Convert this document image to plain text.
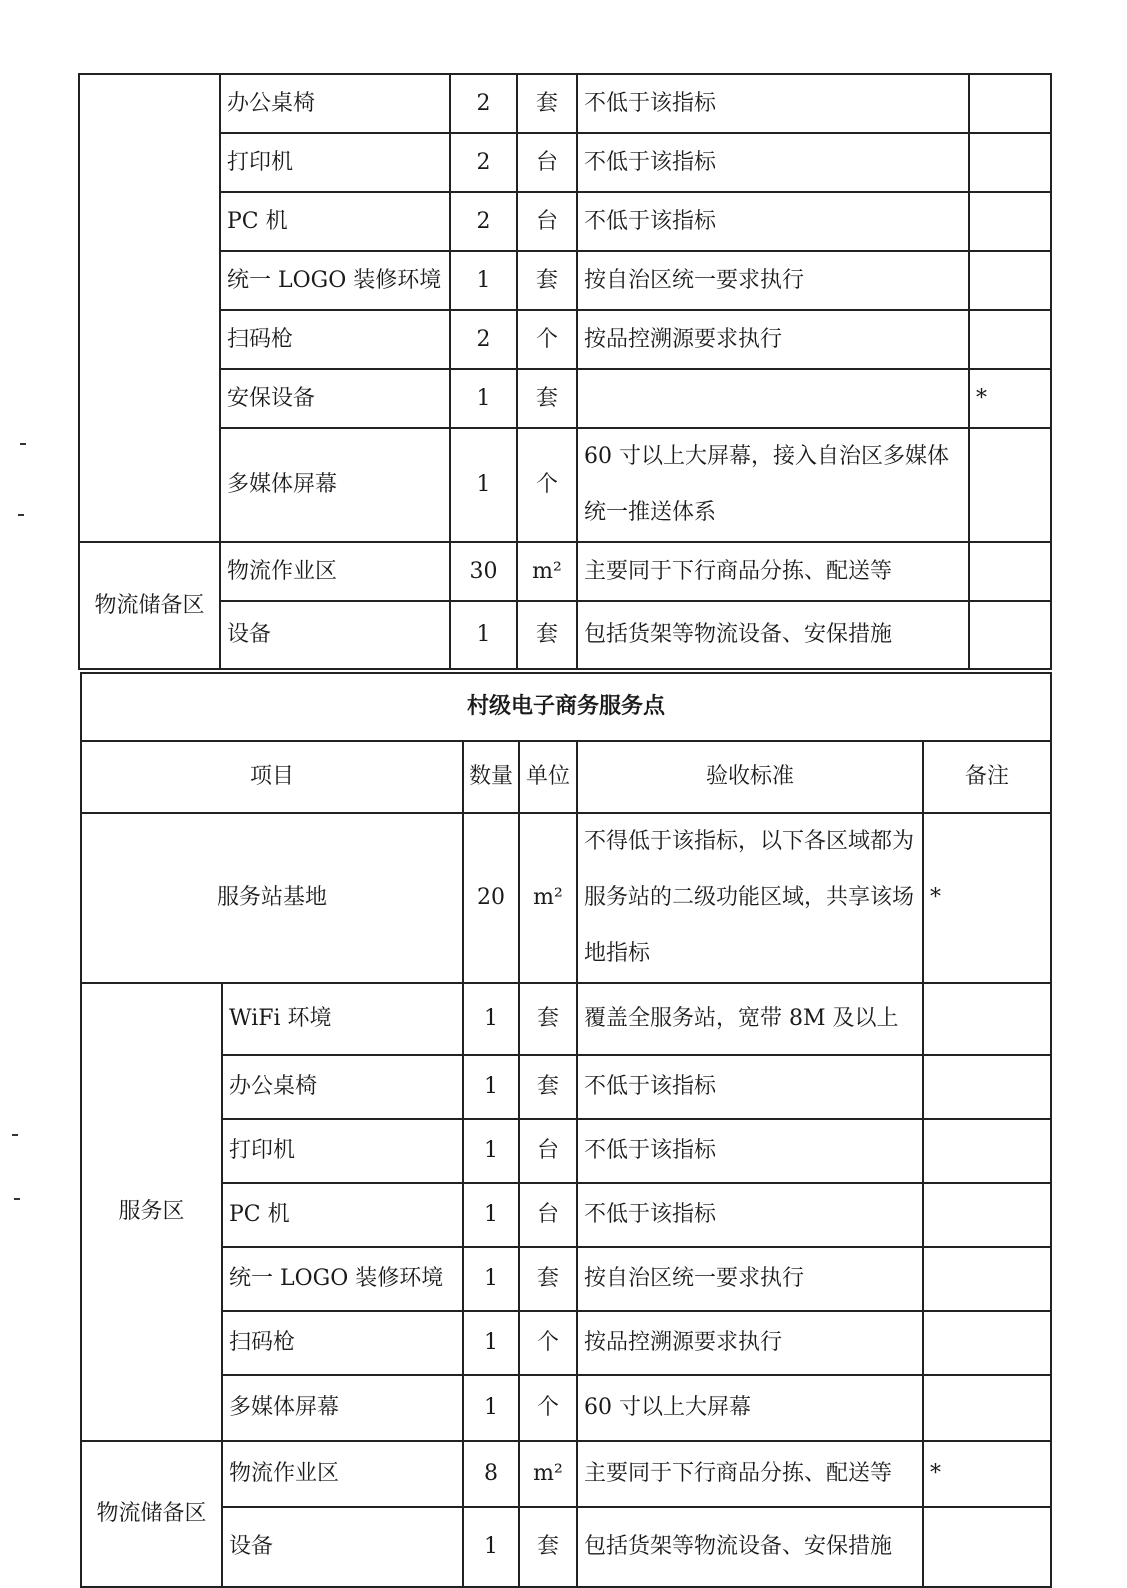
	办公桌椅	2	套	不低于该指标	
	打印机	2	台	不低于该指标	
	PC 机	2	台	不低于该指标	
	统一 LOGO 装修环境	1	套	按自治区统一要求执行	
	扫码枪	2	个	按品控溯源要求执行	
	安保设备	1	套		*
	多媒体屏幕	1	个	60 寸以上大屏幕，接入自治区多媒体统一推送体系	
物流储备区	物流作业区	30	m²	主要同于下行商品分拣、配送等	
	设备	1	套	包括货架等物流设备、安保措施	
村级电子商务服务点					
项目		数量	单位	验收标准	备注
服务站基地		20	m²	不得低于该指标，以下各区域都为服务站的二级功能区域，共享该场地指标	*
服务区	WiFi 环境	1	套	覆盖全服务站，宽带 8M 及以上	
	办公桌椅	1	套	不低于该指标	
	打印机	1	台	不低于该指标	
	PC 机	1	台	不低于该指标	
	统一 LOGO 装修环境	1	套	按自治区统一要求执行	
	扫码枪	1	个	按品控溯源要求执行	
	多媒体屏幕	1	个	60 寸以上大屏幕	
物流储备区	物流作业区	8	m²	主要同于下行商品分拣、配送等	*
	设备	1	套	包括货架等物流设备、安保措施	
